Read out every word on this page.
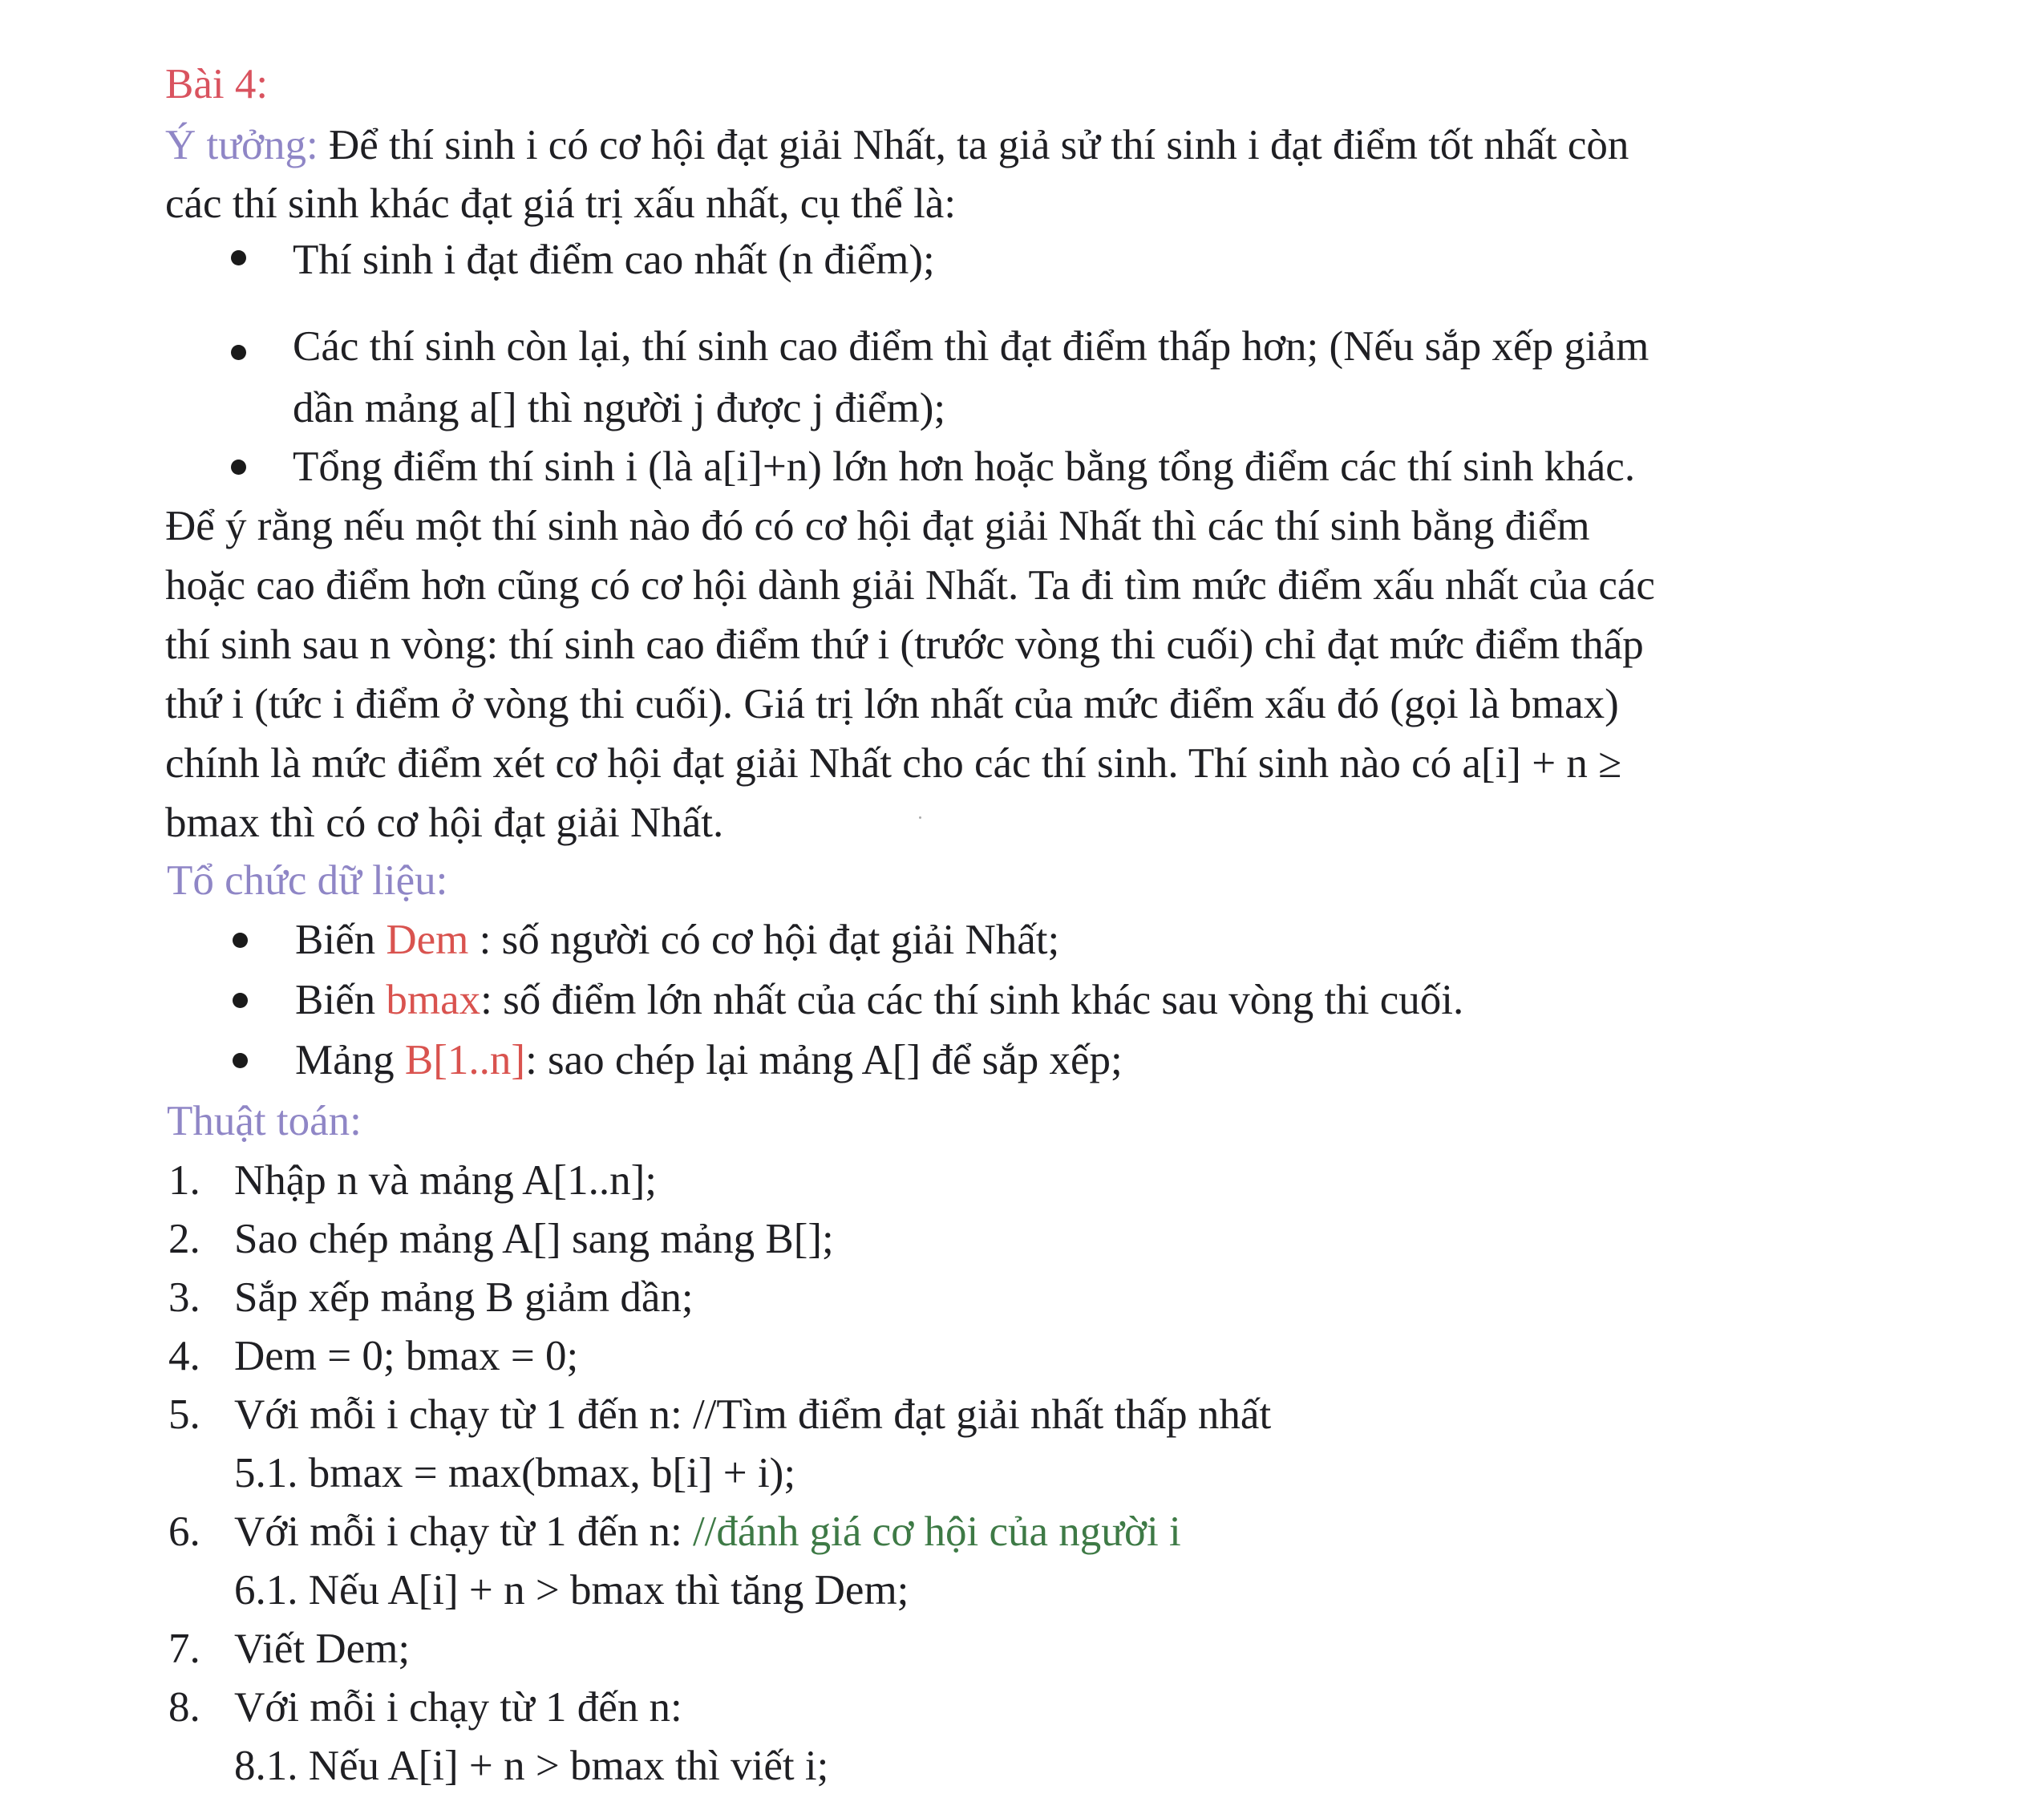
Bài 4:
Ý tưởng: Để thí sinh i có cơ hội đạt giải Nhất, ta giả sử thí sinh i đạt điểm tốt nhất còn
các thí sinh khác đạt giá trị xấu nhất, cụ thể là:
Thí sinh i đạt điểm cao nhất (n điểm);
Các thí sinh còn lại, thí sinh cao điểm thì đạt điểm thấp hơn; (Nếu sắp xếp giảm
dần mảng a[] thì người j được j điểm);
Tổng điểm thí sinh i (là a[i]+n) lớn hơn hoặc bằng tổng điểm các thí sinh khác.
Để ý rằng nếu một thí sinh nào đó có cơ hội đạt giải Nhất thì các thí sinh bằng điểm
hoặc cao điểm hơn cũng có cơ hội dành giải Nhất. Ta đi tìm mức điểm xấu nhất của các
thí sinh sau n vòng: thí sinh cao điểm thứ i (trước vòng thi cuối) chỉ đạt mức điểm thấp
thứ i (tức i điểm ở vòng thi cuối). Giá trị lớn nhất của mức điểm xấu đó (gọi là bmax)
chính là mức điểm xét cơ hội đạt giải Nhất cho các thí sinh. Thí sinh nào có a[i] + n ≥
bmax thì có cơ hội đạt giải Nhất.
Tổ chức dữ liệu:
Biến Dem : số người có cơ hội đạt giải Nhất;
Biến bmax: số điểm lớn nhất của các thí sinh khác sau vòng thi cuối.
Mảng B[1..n]: sao chép lại mảng A[] để sắp xếp;
Thuật toán:
1. Nhập n và mảng A[1..n];
2. Sao chép mảng A[] sang mảng B[];
3. Sắp xếp mảng B giảm dần;
4. Dem = 0; bmax = 0;
5. Với mỗi i chạy từ 1 đến n: //Tìm điểm đạt giải nhất thấp nhất
5.1. bmax = max(bmax, b[i] + i);
6. Với mỗi i chạy từ 1 đến n: //đánh giá cơ hội của người i
6.1. Nếu A[i] + n > bmax thì tăng Dem;
7. Viết Dem;
8. Với mỗi i chạy từ 1 đến n:
8.1. Nếu A[i] + n > bmax thì viết i;
